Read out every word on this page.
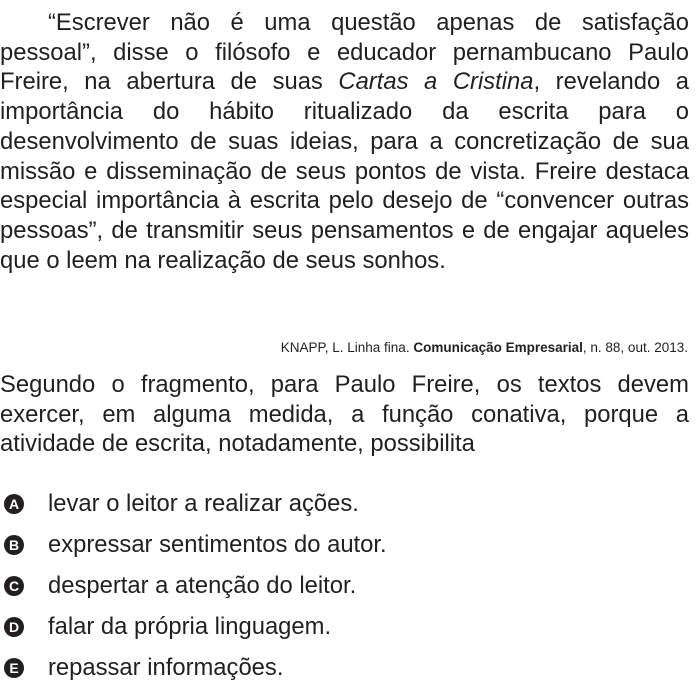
“Escrever não é uma questão apenas de satisfação pessoal”, disse o filósofo e educador pernambucano Paulo Freire, na abertura de suas Cartas a Cristina, revelando a importância do hábito ritualizado da escrita para o desenvolvimento de suas ideias, para a concretização de sua missão e disseminação de seus pontos de vista. Freire destaca especial importância à escrita pelo desejo de “convencer outras pessoas”, de transmitir seus pensamentos e de engajar aqueles que o leem na realização de seus sonhos.

KNAPP, L. Linha fina. Comunicação Empresarial, n. 88, out. 2013.

Segundo o fragmento, para Paulo Freire, os textos devem exercer, em alguma medida, a função conativa, porque a atividade de escrita, notadamente, possibilita

A levar o leitor a realizar ações.
B expressar sentimentos do autor.
C despertar a atenção do leitor.
D falar da própria linguagem.
E repassar informações.
